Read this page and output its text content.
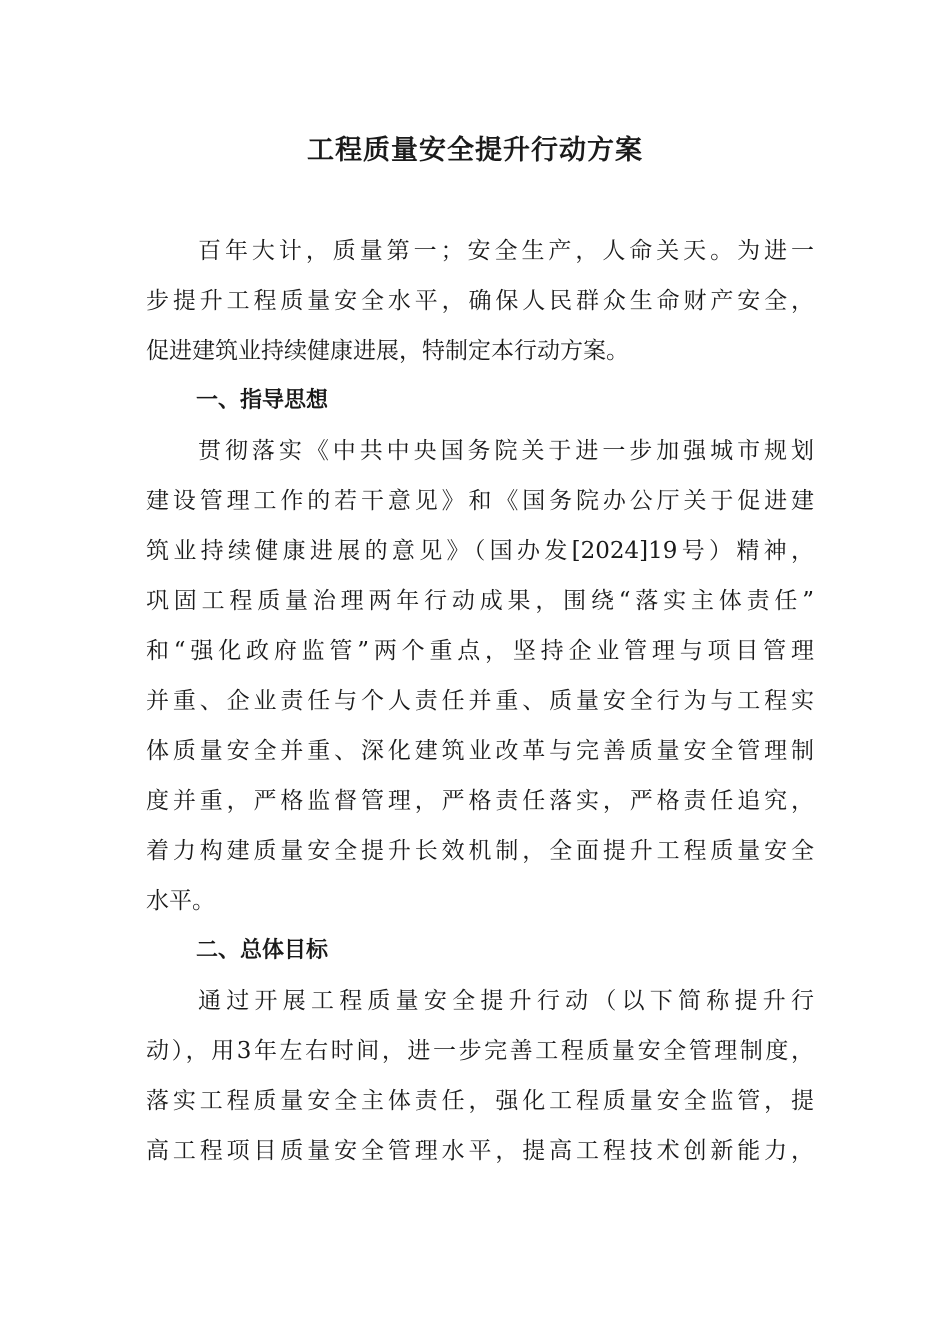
工程质量安全提升行动方案

百年大计，质量第一；安全生产，人命关天。为进一

步提升工程质量安全水平，确保人民群众生命财产安全，

促进建筑业持续健康进展，特制定本行动方案。

一、指导思想

贯彻落实《中共中央国务院关于进一步加强城市规划

建设管理工作的若干意见》和《国务院办公厅关于促进建

筑业持续健康进展的意见》（国办发[2024]19号）精神，

巩固工程质量治理两年行动成果，围绕“落实主体责任”

和“强化政府监管”两个重点，坚持企业管理与项目管理

并重、企业责任与个人责任并重、质量安全行为与工程实

体质量安全并重、深化建筑业改革与完善质量安全管理制

度并重，严格监督管理，严格责任落实，严格责任追究，

着力构建质量安全提升长效机制，全面提升工程质量安全

水平。

二、总体目标

通过开展工程质量安全提升行动（以下简称提升行

动），用3年左右时间，进一步完善工程质量安全管理制度，

落实工程质量安全主体责任，强化工程质量安全监管，提

高工程项目质量安全管理水平，提高工程技术创新能力，
